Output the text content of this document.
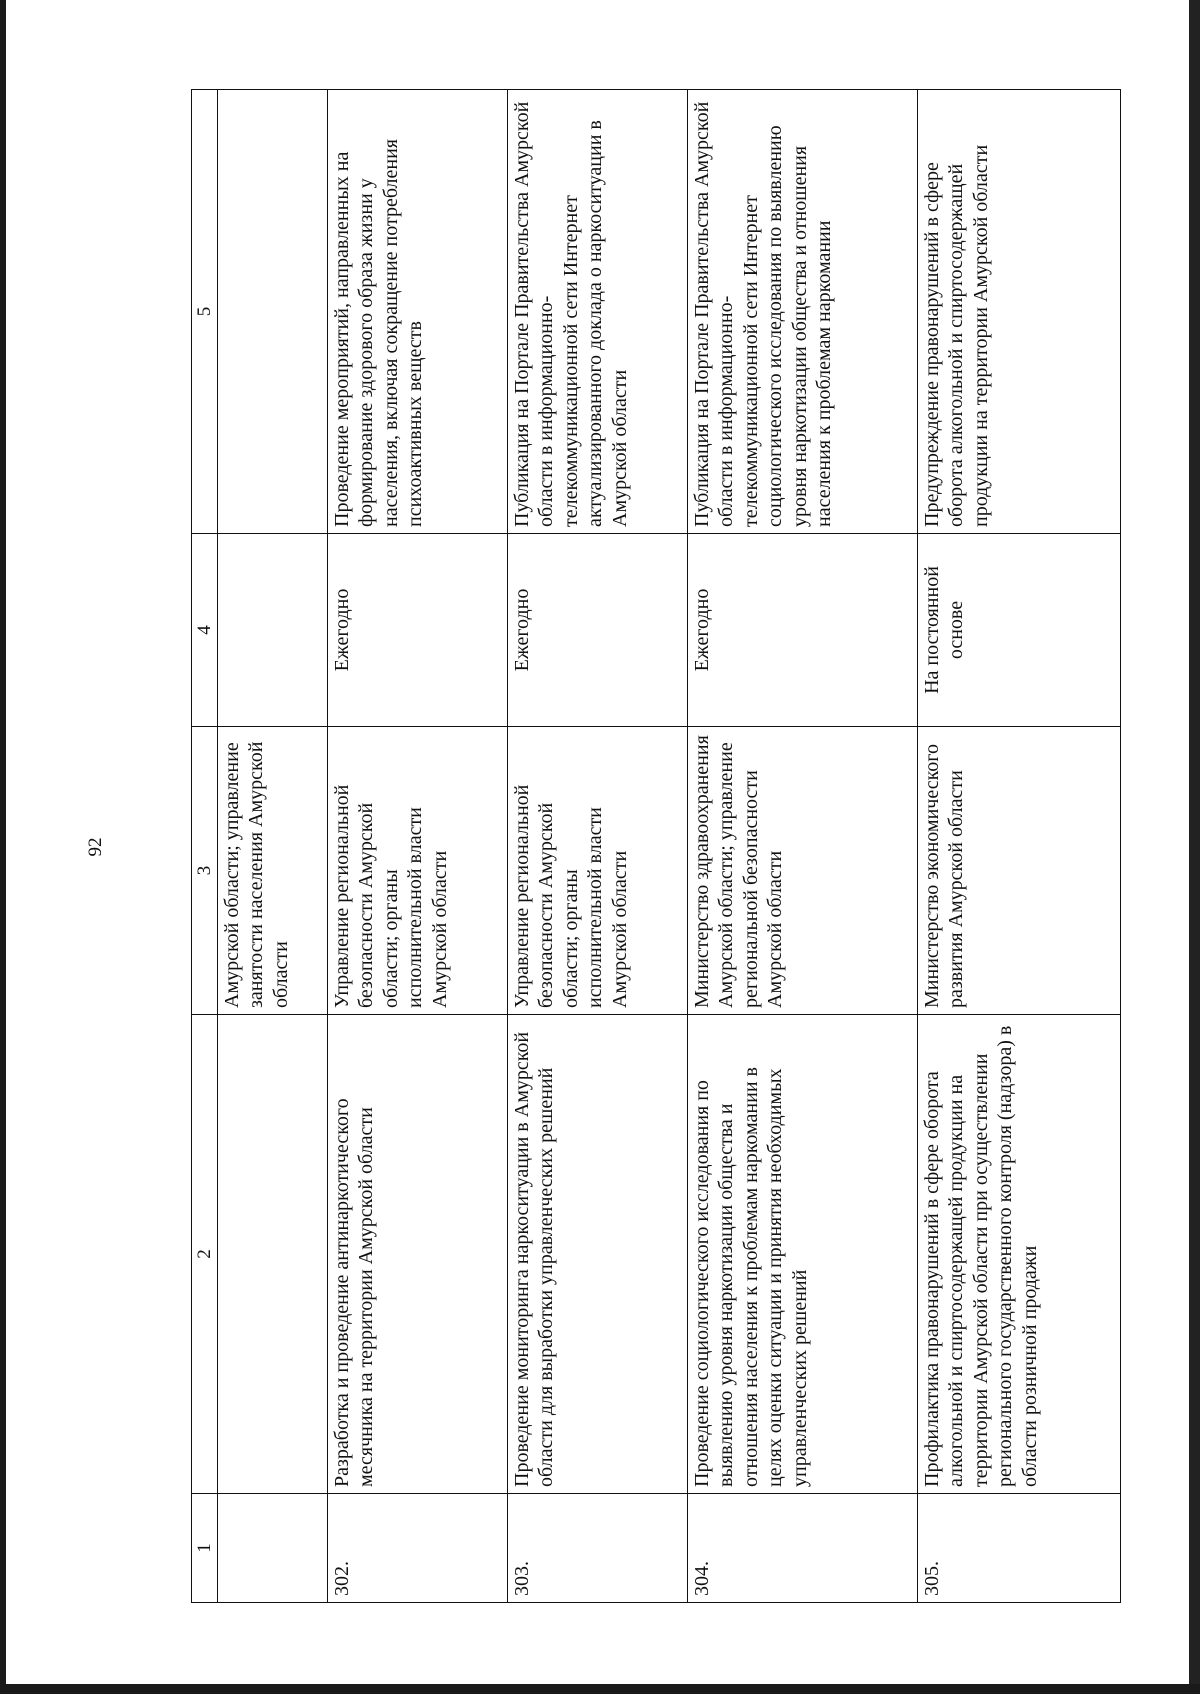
92
1	2	3	4	5
		Амурской области; управление занятости населения Амурской области		
302.	Разработка и проведение антинаркотического месячника на территории Амурской области	Управление региональной безопасности Амурской области; органы исполнительной власти Амурской области	Ежегодно	Проведение мероприятий, направленных на формирование здорового образа жизни у населения, включая сокращение потребления психоактивных веществ
303.	Проведение мониторинга наркоситуации в Амурской области для выработки управленческих решений	Управление региональной безопасности Амурской области; органы исполнительной власти Амурской области	Ежегодно	Публикация на Портале Правительства Амурской области в информационно-телекоммуникационной сети Интернет актуализированного доклада о наркоситуации в Амурской области
304.	Проведение социологического исследования по выявлению уровня наркотизации общества и отношения населения к проблемам наркомании в целях оценки ситуации и принятия необходимых управленческих решений	Министерство здравоохранения Амурской области; управление региональной безопасности Амурской области	Ежегодно	Публикация на Портале Правительства Амурской области в информационно-телекоммуникационной сети Интернет социологического исследования по выявлению уровня наркотизации общества и отношения населения к проблемам наркомании
305.	Профилактика правонарушений в сфере оборота алкогольной и спиртосодержащей продукции на территории Амурской области при осуществлении регионального государственного контроля (надзора) в области розничной продажи	Министерство экономического развития Амурской области	На постоянной основе	Предупреждение правонарушений в сфере оборота алкогольной и спиртосодержащей продукции на территории Амурской области
